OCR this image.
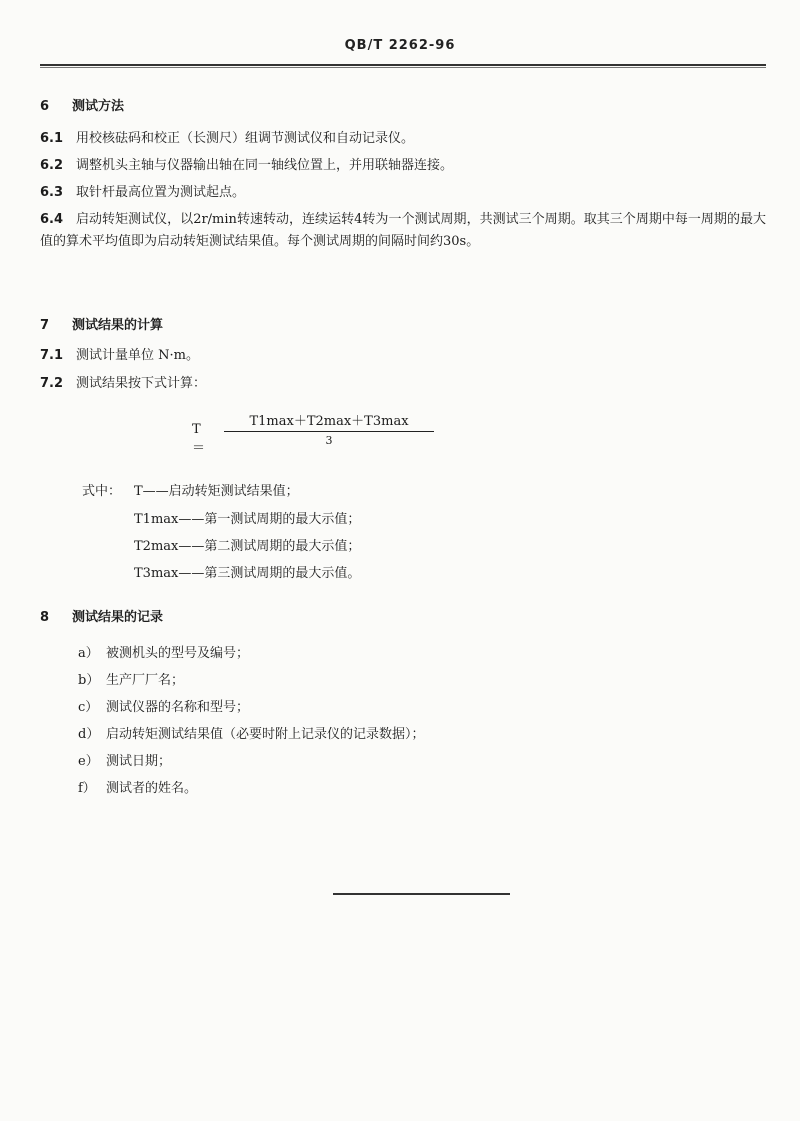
QB/T 2262-96
6 测试方法
6.1 用校核砝码和校正（长测尺）组调节测试仪和自动记录仪。
6.2 调整机头主轴与仪器输出轴在同一轴线位置上，并用联轴器连接。
6.3 取针杆最高位置为测试起点。
6.4 启动转矩测试仪，以2r/min转速转动，连续运转4转为一个测试周期，共测试三个周期。取其三个周期中每一周期的最大值的算术平均值即为启动转矩测试结果值。每个测试周期的间隔时间约30s。
7 测试结果的计算
7.1 测试计量单位 N·m。
7.2 测试结果按下式计算：
T＝
T1max＋T2max＋T3max
3
式中： T——启动转矩测试结果值；
T1max——第一测试周期的最大示值；
T2max——第二测试周期的最大示值；
T3max——第三测试周期的最大示值。
8 测试结果的记录
a） 被测机头的型号及编号；
b） 生产厂厂名；
c） 测试仪器的名称和型号；
d） 启动转矩测试结果值（必要时附上记录仪的记录数据）；
e） 测试日期；
f） 测试者的姓名。
